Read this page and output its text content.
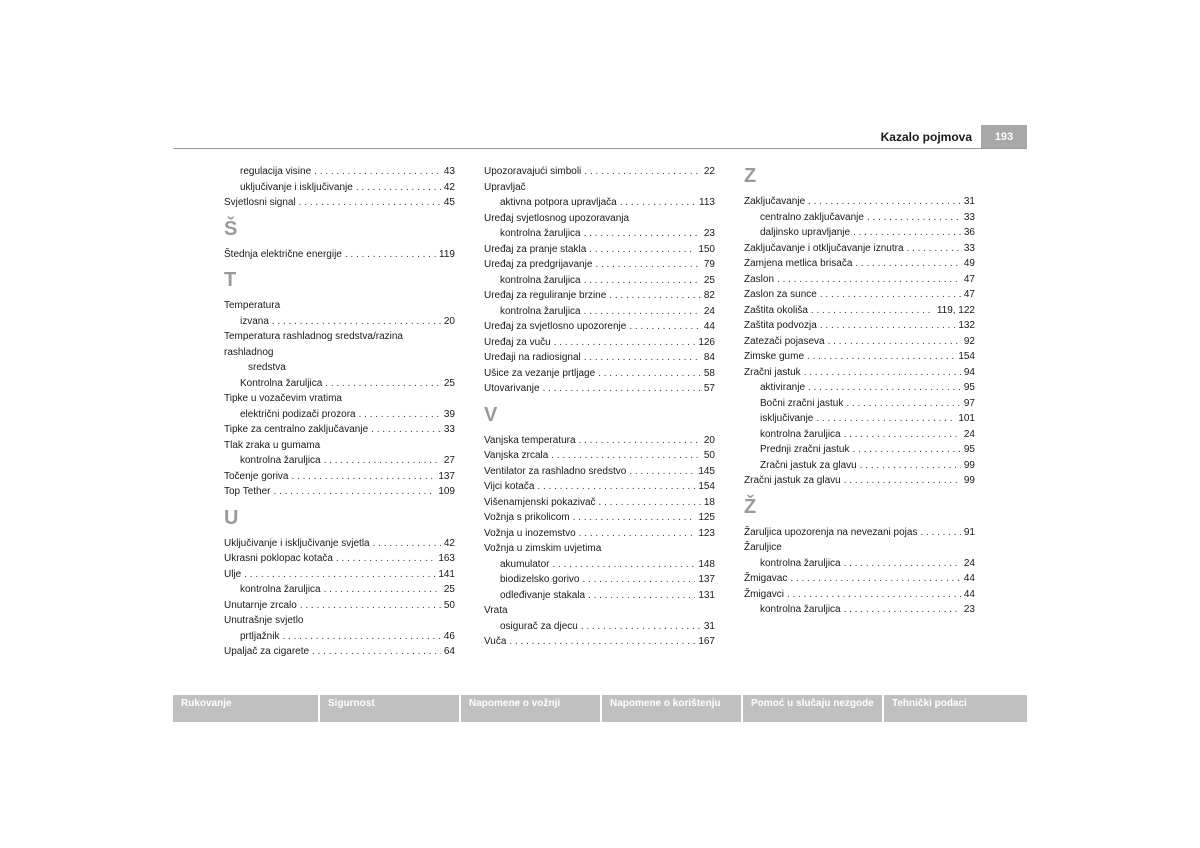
Kazalo pojmova	193
regulacija visine . . .	43
uključivanje i isključivanje . . .	42
Svjetlosni signal . . .	45
Š
Štednja električne energije . . .	119
T
Temperatura
izvana . . .	20
Temperatura rashladnog sredstva/razina rashladnog
sredstva
Kontrolna žaruljica . . .	25
Tipke u vozačevim vratima
električni podizači prozora . . .	39
Tipke za centralno zaključavanje . . .	33
Tlak zraka u gumama
kontrolna žaruljica . . .	27
Točenje goriva . . .	137
Top Tether . . .	109
U
Uključivanje i isključivanje svjetla . . .	42
Ukrasni poklopac kotača . . .	163
Ulje . . .	141
kontrolna žaruljica . . .	25
Unutarnje zrcalo . . .	50
Unutrašnje svjetlo
prtljažnik . . .	46
Upaljač za cigarete . . .	64
Upozoravajući simboli . . .	22
Upravljač
aktivna potpora upravljača . . .	113
Uređaj svjetlosnog upozoravanja
kontrolna žaruljica . . .	23
Uređaj za pranje stakla . . .	150
Uređaj za predgrijavanje . . .	79
kontrolna žaruljica . . .	25
Uređaj za reguliranje brzine . . .	82
kontrolna žaruljica . . .	24
Uređaj za svjetlosno upozorenje . . .	44
Uređaj za vuču . . .	126
Uređaji na radiosignal . . .	84
Ušice za vezanje prtljage . . .	58
Utovarivanje . . .	57
V
Vanjska temperatura . . .	20
Vanjska zrcala . . .	50
Ventilator za rashladno sredstvo . . .	145
Vijci kotača . . .	154
Višenamjenski pokazivač . . .	18
Vožnja s prikolicom . . .	125
Vožnja u inozemstvo . . .	123
Vožnja u zimskim uvjetima
akumulator . . .	148
biodizelsko gorivo . . .	137
odleđivanje stakala . . .	131
Vrata
osigurač za djecu . . .	31
Vuča . . .	167
Z
Zaključavanje . . .	31
centralno zaključavanje . . .	33
daljinsko upravljanje . . .	36
Zaključavanje i otključavanje iznutra . . .	33
Zamjena metlica brisača . . .	49
Zaslon . . .	47
Zaslon za sunce . . .	47
Zaštita okoliša . . .	119, 122
Zaštita podvozja . . .	132
Zatezači pojaseva . . .	92
Zimske gume . . .	154
Zračni jastuk . . .	94
aktiviranje . . .	95
Bočni zračni jastuk . . .	97
isključivanje . . .	101
kontrolna žaruljica . . .	24
Prednji zračni jastuk . . .	95
Zračni jastuk za glavu . . .	99
Zračni jastuk za glavu . . .	99
Ž
Žaruljica upozorenja na nevezani pojas . . .	91
Žaruljice
kontrolna žaruljica . . .	24
Žmigavac . . .	44
Žmigavci . . .	44
kontrolna žaruljica . . .	23
Rukovanje	Sigurnost	Napomene o vožnji	Napomene o korištenju	Pomoć u slučaju nezgode	Tehnički podaci
